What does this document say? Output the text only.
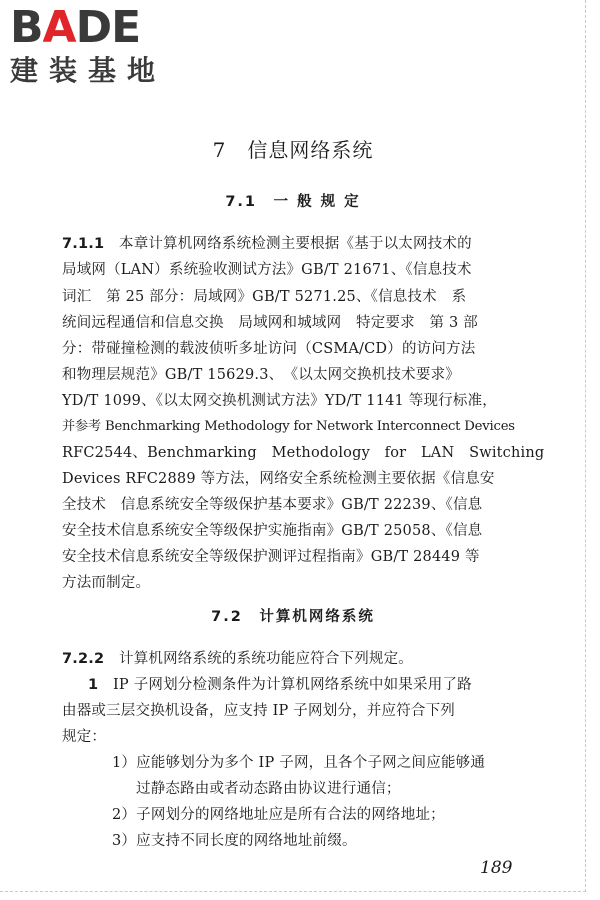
B A DE
建装基地
7　 信息网络系统
7.1　 一 般 规 定
7.1.1　 本章计算机网络系统检测主要根据《基于以太网技术的
局域网（LAN）系统验收测试方法》GB/T 21671、《信息技术
词汇　第 25 部分：局域网》GB/T 5271.25、《信息技术　系
统间远程通信和信息交换　局域网和城域网　特定要求　第 3 部
分：带碰撞检测的载波侦听多址访问（CSMA/CD）的访问方法
和物理层规范》GB/T 15629.3、　《以太网交换机技术要求》
YD/T 1099、《以太网交换机测试方法》YD/T 1141 等现行标准，
并参考 Benchmarking Methodology for Network Interconnect Devices
RFC2544、Benchmarking　Methodology　for　LAN　Switching
Devices RFC2889 等方法，网络安全系统检测主要依据《信息安
全技术　信息系统安全等级保护基本要求》GB/T 22239、《信息
安全技术信息系统安全等级保护实施指南》GB/T 25058、《信息
安全技术信息系统安全等级保护测评过程指南》GB/T 28449 等
方法而制定。
7.2　 计算机网络系统
7.2.2　 计算机网络系统的系统功能应符合下列规定。
1　 IP 子网划分检测条件为计算机网络系统中如果采用了路
由器或三层交换机设备，应支持 IP 子网划分，并应符合下列
规定：
1）应能够划分为多个 IP 子网，且各个子网之间应能够通
过静态路由或者动态路由协议进行通信；
2）子网划分的网络地址应是所有合法的网络地址；
3）应支持不同长度的网络地址前缀。
189
